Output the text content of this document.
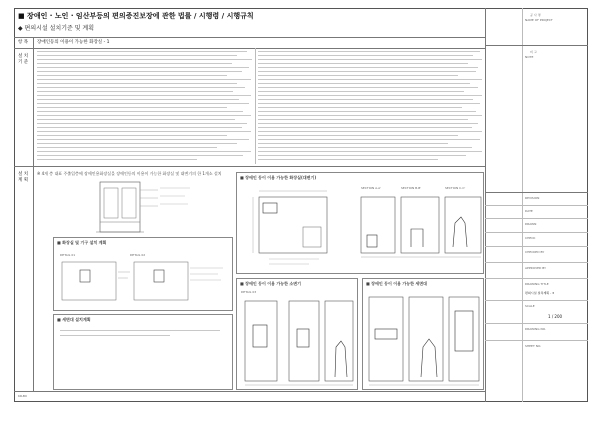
■ 장애인 · 노인 · 임산부등의 편의증진보장에 관한 법률 / 시행령 / 시행규칙
◆ 편의시설 설치기준 및 계획
항 목 장애인등의 이용이 가능한 화장실 - 1
설 치 기 준
설 치 계 획
※ 4개 층 대표 주출입층에 장애인용화장실을 장애인등의 이용이 가능한 화장실 및 대변기의 한 1개소 설치
■ 화장실 및 기구 설치 계획
DETAIL 01	DETAIL 02
■ 세면대 설치계획
■ 장애인 등이 이용 가능한 화장실(대변기)
SECTION A-A'	SECTION B-B'	SECTION C-C'
■ 장애인 등이 이용 가능한 소변기
DETAIL 03
■ 장애인 등이 이용 가능한 세면대
공 사 명
NAME OF PROJECT
비 고
NOTE
REVISION
DATE
DRAWN
CHECK
CHECKED BY
APPROVED BY
DRAWING TITLE
편의시설 설치계획 - 3
SCALE
1 / 200
DRAWING NO.
SHEET NO.
KR-B0
